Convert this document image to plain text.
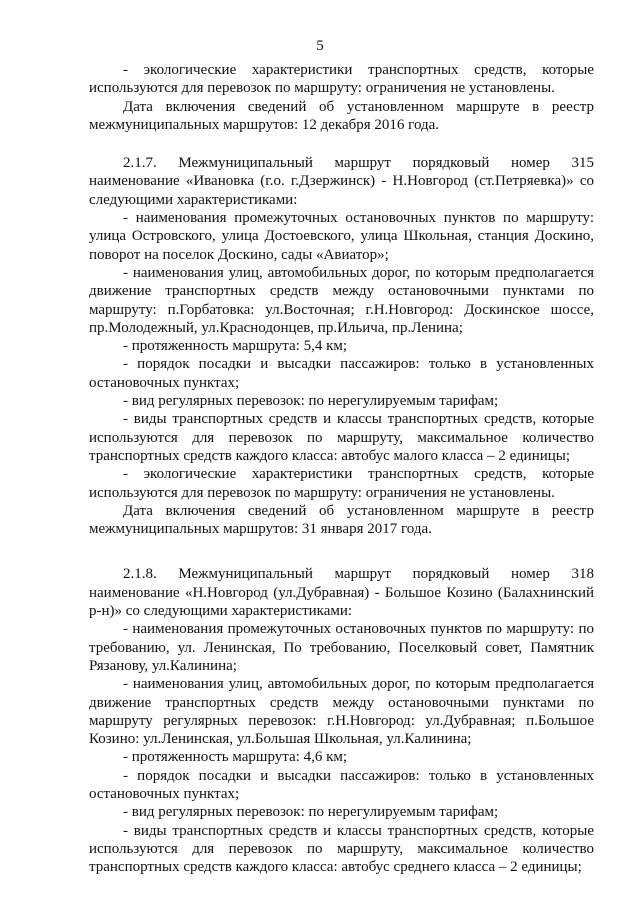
5

- экологические характеристики транспортных средств, которые используются для перевозок по маршруту: ограничения не установлены.

Дата включения сведений об установленном маршруте в реестр межмуниципальных маршрутов: 12 декабря 2016 года.

2.1.7. Межмуниципальный маршрут порядковый номер 315 наименование «Ивановка (г.о. г.Дзержинск) - Н.Новгород (ст.Петряевка)» со следующими характеристиками:

- наименования промежуточных остановочных пунктов по маршруту: улица Островского, улица Достоевского, улица Школьная, станция Доскино, поворот на поселок Доскино, сады «Авиатор»;

- наименования улиц, автомобильных дорог, по которым предполагается движение транспортных средств между остановочными пунктами по маршруту: п.Горбатовка: ул.Восточная; г.Н.Новгород: Доскинское шоссе, пр.Молодежный, ул.Краснодонцев, пр.Ильича, пр.Ленина;

- протяженность маршрута: 5,4 км;

- порядок посадки и высадки пассажиров: только в установленных остановочных пунктах;

- вид регулярных перевозок: по нерегулируемым тарифам;

- виды транспортных средств и классы транспортных средств, которые используются для перевозок по маршруту, максимальное количество транспортных средств каждого класса: автобус малого класса – 2 единицы;

- экологические характеристики транспортных средств, которые используются для перевозок по маршруту: ограничения не установлены.

Дата включения сведений об установленном маршруте в реестр межмуниципальных маршрутов: 31 января 2017 года.

2.1.8. Межмуниципальный маршрут порядковый номер 318 наименование «Н.Новгород (ул.Дубравная) - Большое Козино (Балахнинский р-н)» со следующими характеристиками:

- наименования промежуточных остановочных пунктов по маршруту: по требованию, ул. Ленинская, По требованию, Поселковый совет, Памятник Рязанову, ул.Калинина;

- наименования улиц, автомобильных дорог, по которым предполагается движение транспортных средств между остановочными пунктами по маршруту регулярных перевозок: г.Н.Новгород: ул.Дубравная; п.Большое Козино: ул.Ленинская, ул.Большая Школьная, ул.Калинина;

- протяженность маршрута: 4,6 км;

- порядок посадки и высадки пассажиров: только в установленных остановочных пунктах;

- вид регулярных перевозок: по нерегулируемым тарифам;

- виды транспортных средств и классы транспортных средств, которые используются для перевозок по маршруту, максимальное количество транспортных средств каждого класса: автобус среднего класса – 2 единицы;
